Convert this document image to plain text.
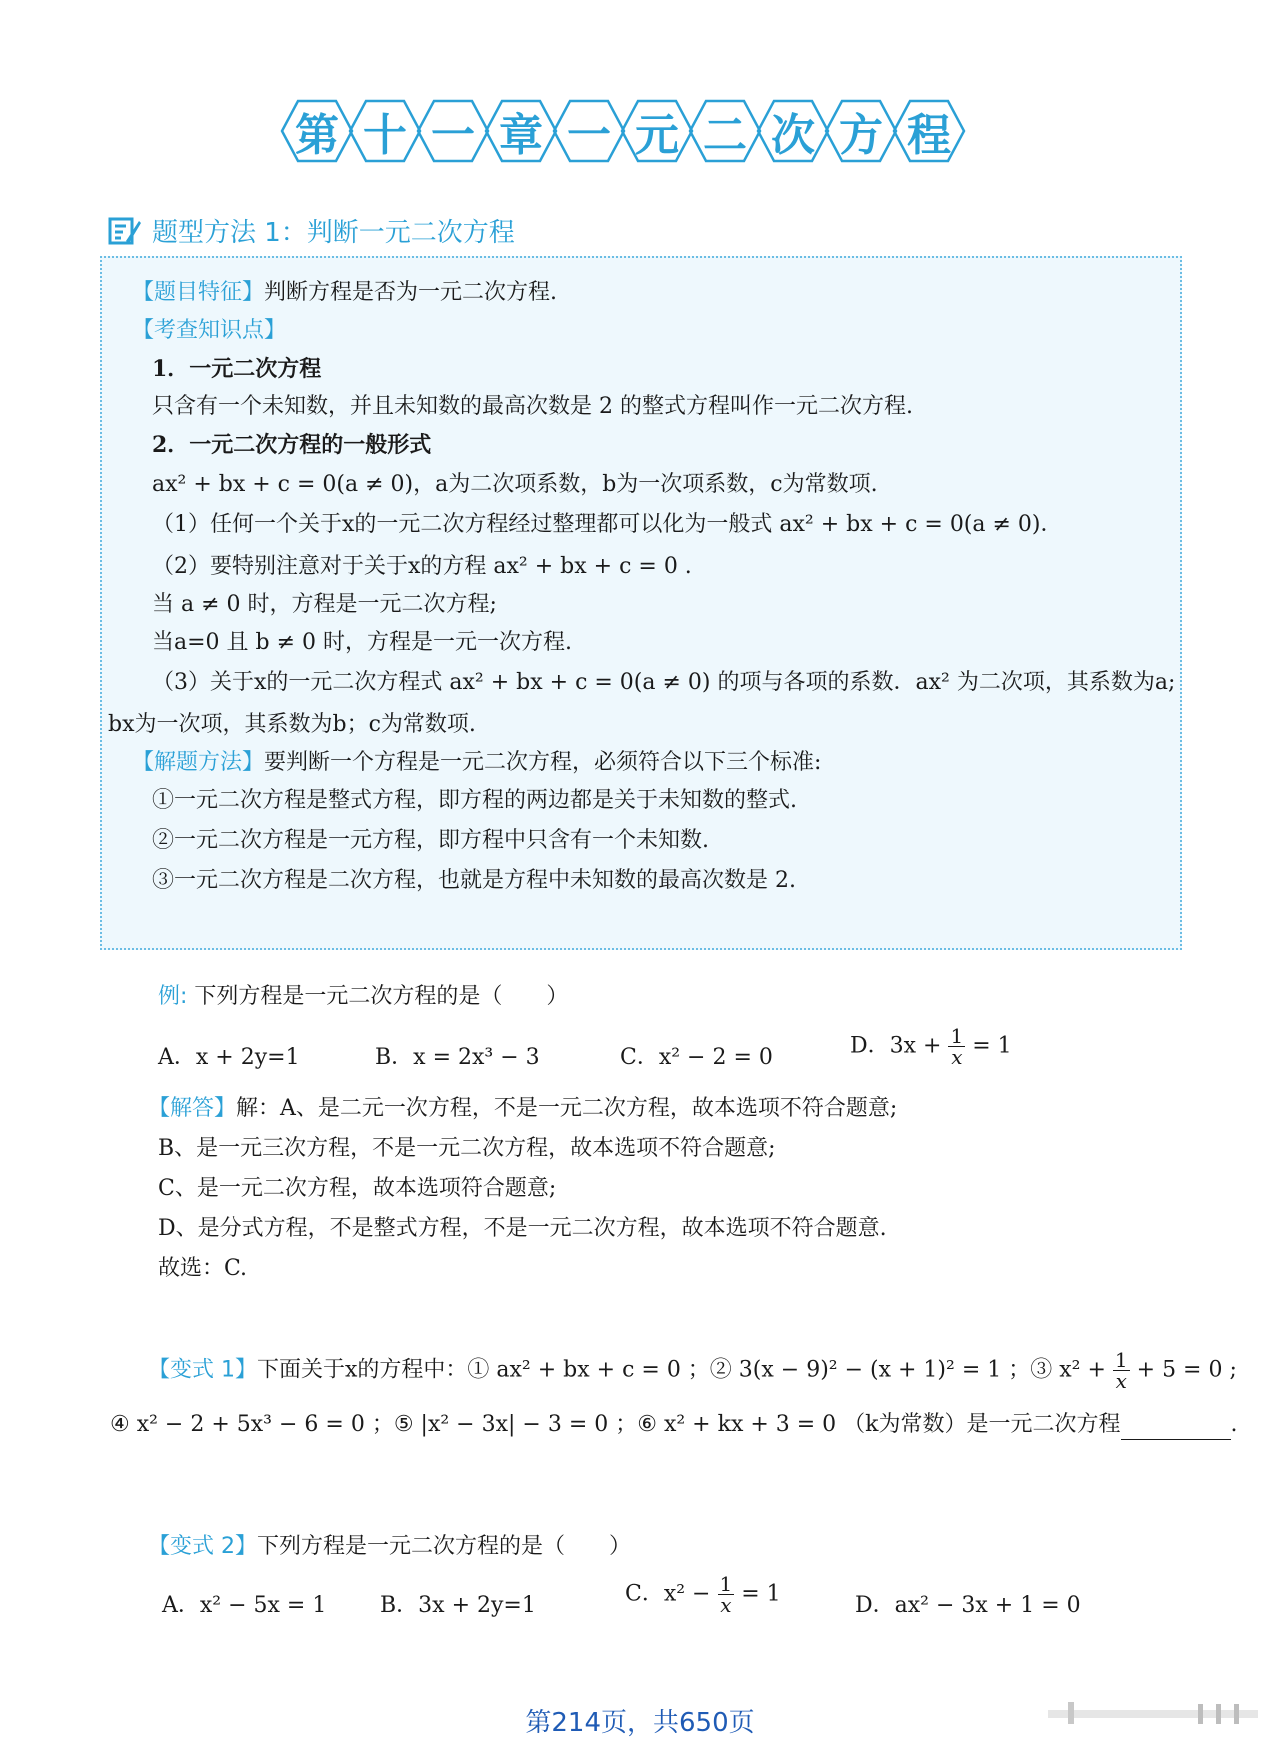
第 十 一 章 一 元 二 次 方 程
题型方法 1：判断一元二次方程
【题目特征】判断方程是否为一元二次方程.
【考查知识点】
1．一元二次方程
只含有一个未知数，并且未知数的最高次数是 2 的整式方程叫作一元二次方程.
2．一元二次方程的一般形式
ax² + bx + c = 0(a ≠ 0)，a为二次项系数，b为一次项系数，c为常数项.
（1）任何一个关于x的一元二次方程经过整理都可以化为一般式 ax² + bx + c = 0(a ≠ 0)．
（2）要特别注意对于关于x的方程 ax² + bx + c = 0 .
当 a ≠ 0 时，方程是一元二次方程;
当a=0 且 b ≠ 0 时，方程是一元一次方程.
（3）关于x的一元二次方程式 ax² + bx + c = 0(a ≠ 0) 的项与各项的系数．ax² 为二次项，其系数为a;
bx为一次项，其系数为b；c为常数项.
【解题方法】要判断一个方程是一元二次方程，必须符合以下三个标准:
①一元二次方程是整式方程，即方程的两边都是关于未知数的整式.
②一元二次方程是一元方程，即方程中只含有一个未知数.
③一元二次方程是二次方程，也就是方程中未知数的最高次数是 2.
例: 下列方程是一元二次方程的是（　　）
A．x + 2y=1	B．x = 2x³ − 3	C．x² − 2 = 0	D．$3x + \frac{1}{x} = 1$
【解答】解：A、是二元一次方程，不是一元二次方程，故本选项不符合题意;
B、是一元三次方程，不是一元二次方程，故本选项不符合题意;
C、是一元二次方程，故本选项符合题意;
D、是分式方程，不是整式方程，不是一元二次方程，故本选项不符合题意.
故选：C.
【变式 1】下面关于x的方程中：① ax² + bx + c = 0 ；② 3(x − 9)² − (x + 1)² = 1 ；③ $x^2 + \frac{1}{x} + 5 = 0$ ;
④ x² − 2 + 5x³ − 6 = 0 ；⑤ |x² − 3x| − 3 = 0 ；⑥ x² + kx + 3 = 0 （k为常数）是一元二次方程	.
【变式 2】下列方程是一元二次方程的是（　　）
A．x² − 5x = 1 B．3x + 2y=1	C．$x^2 - \frac{1}{x} = 1$	D．ax² − 3x + 1 = 0
第214页，共650页
